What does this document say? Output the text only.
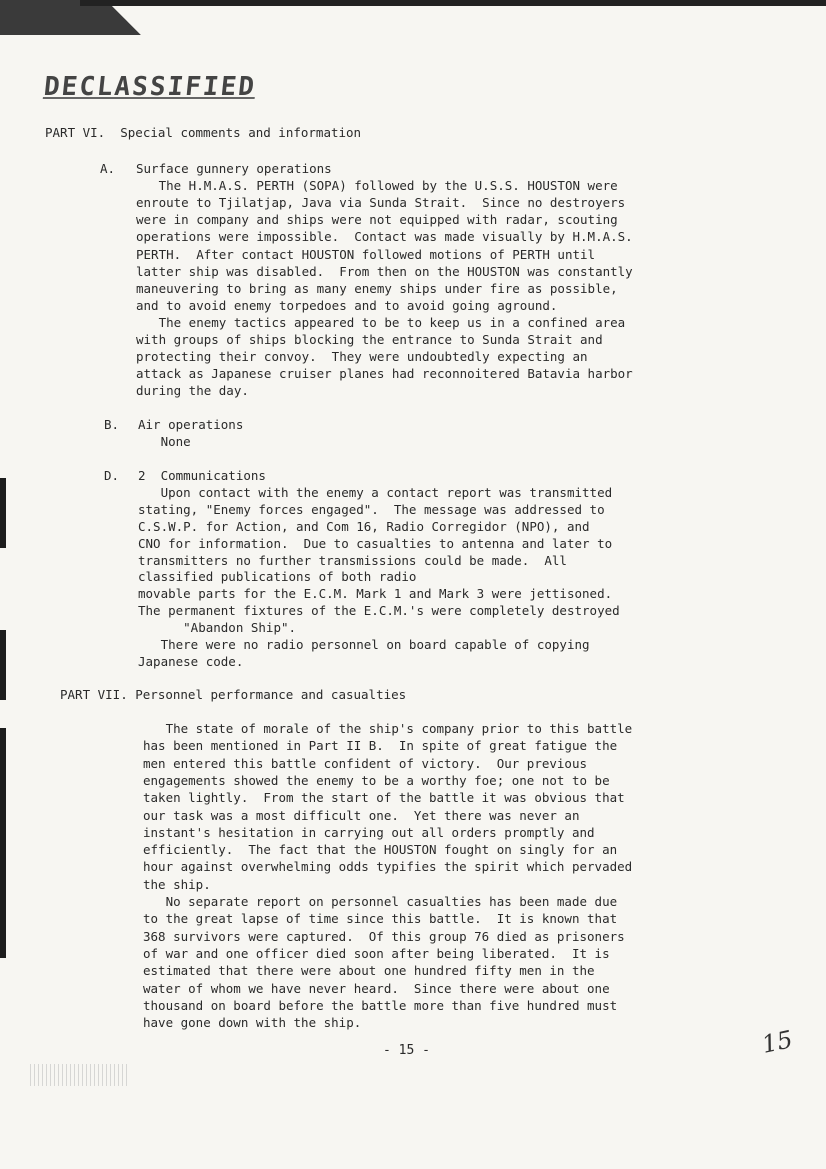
DECLASSIFIED
PART VI.  Special comments and information
A. Surface gunnery operations
The H.M.A.S. PERTH (SOPA) followed by the U.S.S. HOUSTON were
enroute to Tjilatjap, Java via Sunda Strait.  Since no destroyers
were in company and ships were not equipped with radar, scouting
operations were impossible.  Contact was made visually by H.M.A.S.
PERTH.  After contact HOUSTON followed motions of PERTH until
latter ship was disabled.  From then on the HOUSTON was constantly
maneuvering to bring as many enemy ships under fire as possible,
and to avoid enemy torpedoes and to avoid going aground.
The enemy tactics appeared to be to keep us in a confined area
with groups of ships blocking the entrance to Sunda Strait and
protecting their convoy.  They were undoubtedly expecting an
attack as Japanese cruiser planes had reconnoitered Batavia harbor
during the day.
B. Air operations
None
D. 2  Communications
Upon contact with the enemy a contact report was transmitted
stating, "Enemy forces engaged".  The message was addressed to
C.S.W.P. for Action, and Com 16, Radio Corregidor (NPO), and
CNO for information.  Due to casualties to antenna and later to
transmitters no further transmissions could be made.  All
classified publications of both radio
movable parts for the E.C.M. Mark 1 and Mark 3 were jettisoned.
The permanent fixtures of the E.C.M.'s were completely destroyed
"Abandon Ship".
There were no radio personnel on board capable of copying
Japanese code.
PART VII. Personnel performance and casualties
The state of morale of the ship's company prior to this battle
has been mentioned in Part II B.  In spite of great fatigue the
men entered this battle confident of victory.  Our previous
engagements showed the enemy to be a worthy foe; one not to be
taken lightly.  From the start of the battle it was obvious that
our task was a most difficult one.  Yet there was never an
instant's hesitation in carrying out all orders promptly and
efficiently.  The fact that the HOUSTON fought on singly for an
hour against overwhelming odds typifies the spirit which pervaded
the ship.
No separate report on personnel casualties has been made due
to the great lapse of time since this battle.  It is known that
368 survivors were captured.  Of this group 76 died as prisoners
of war and one officer died soon after being liberated.  It is
estimated that there were about one hundred fifty men in the
water of whom we have never heard.  Since there were about one
thousand on board before the battle more than five hundred must
have gone down with the ship.
- 15 -	15
